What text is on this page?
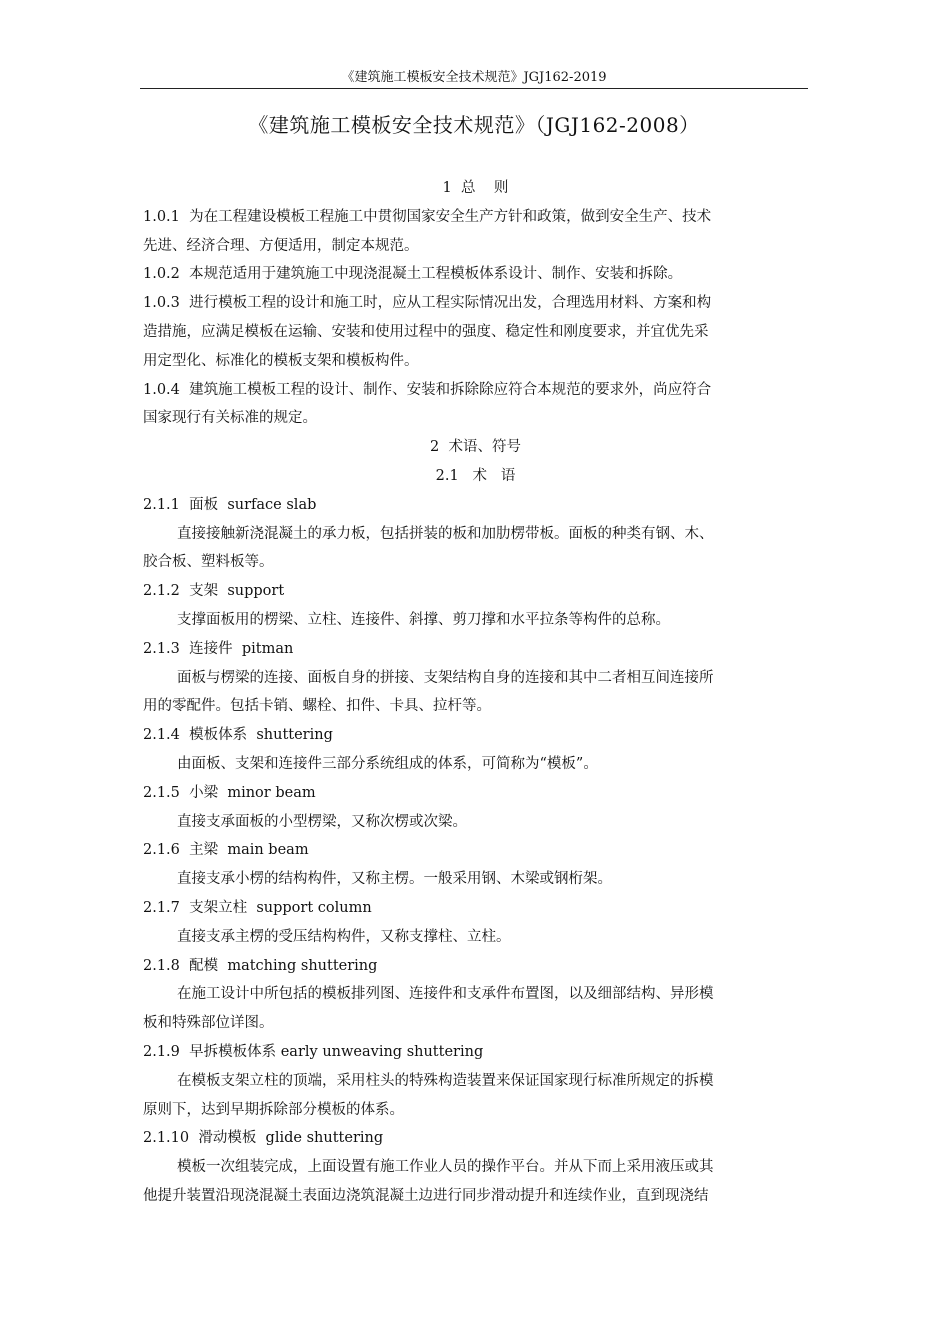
《建筑施工模板安全技术规范》JGJ162-2019
《建筑施工模板安全技术规范》（JGJ162-2008）
1  总    则
1.0.1  为在工程建设模板工程施工中贯彻国家安全生产方针和政策，做到安全生产、技术
先进、经济合理、方便适用，制定本规范。
1.0.2  本规范适用于建筑施工中现浇混凝土工程模板体系设计、制作、安装和拆除。
1.0.3  进行模板工程的设计和施工时，应从工程实际情况出发，合理选用材料、方案和构
造措施，应满足模板在运输、安装和使用过程中的强度、稳定性和刚度要求，并宜优先采
用定型化、标准化的模板支架和模板构件。
1.0.4  建筑施工模板工程的设计、制作、安装和拆除除应符合本规范的要求外，尚应符合
国家现行有关标准的规定。
2  术语、符号
2.1   术   语
2.1.1  面板  surface slab
直接接触新浇混凝土的承力板，包括拼装的板和加肋楞带板。面板的种类有钢、木、
胶合板、塑料板等。
2.1.2  支架  support
支撑面板用的楞梁、立柱、连接件、斜撑、剪刀撑和水平拉条等构件的总称。
2.1.3  连接件  pitman
面板与楞梁的连接、面板自身的拼接、支架结构自身的连接和其中二者相互间连接所
用的零配件。包括卡销、螺栓、扣件、卡具、拉杆等。
2.1.4  模板体系  shuttering
由面板、支架和连接件三部分系统组成的体系，可简称为“模板”。
2.1.5  小梁  minor beam
直接支承面板的小型楞梁，又称次楞或次梁。
2.1.6  主梁  main beam
直接支承小楞的结构构件，又称主楞。一般采用钢、木梁或钢桁架。
2.1.7  支架立柱  support column
直接支承主楞的受压结构构件，又称支撑柱、立柱。
2.1.8  配模  matching shuttering
在施工设计中所包括的模板排列图、连接件和支承件布置图，以及细部结构、异形模
板和特殊部位详图。
2.1.9  早拆模板体系 early unweaving shuttering
在模板支架立柱的顶端，采用柱头的特殊构造装置来保证国家现行标准所规定的拆模
原则下，达到早期拆除部分模板的体系。
2.1.10  滑动模板  glide shuttering
模板一次组装完成，上面设置有施工作业人员的操作平台。并从下而上采用液压或其
他提升装置沿现浇混凝土表面边浇筑混凝土边进行同步滑动提升和连续作业，直到现浇结
